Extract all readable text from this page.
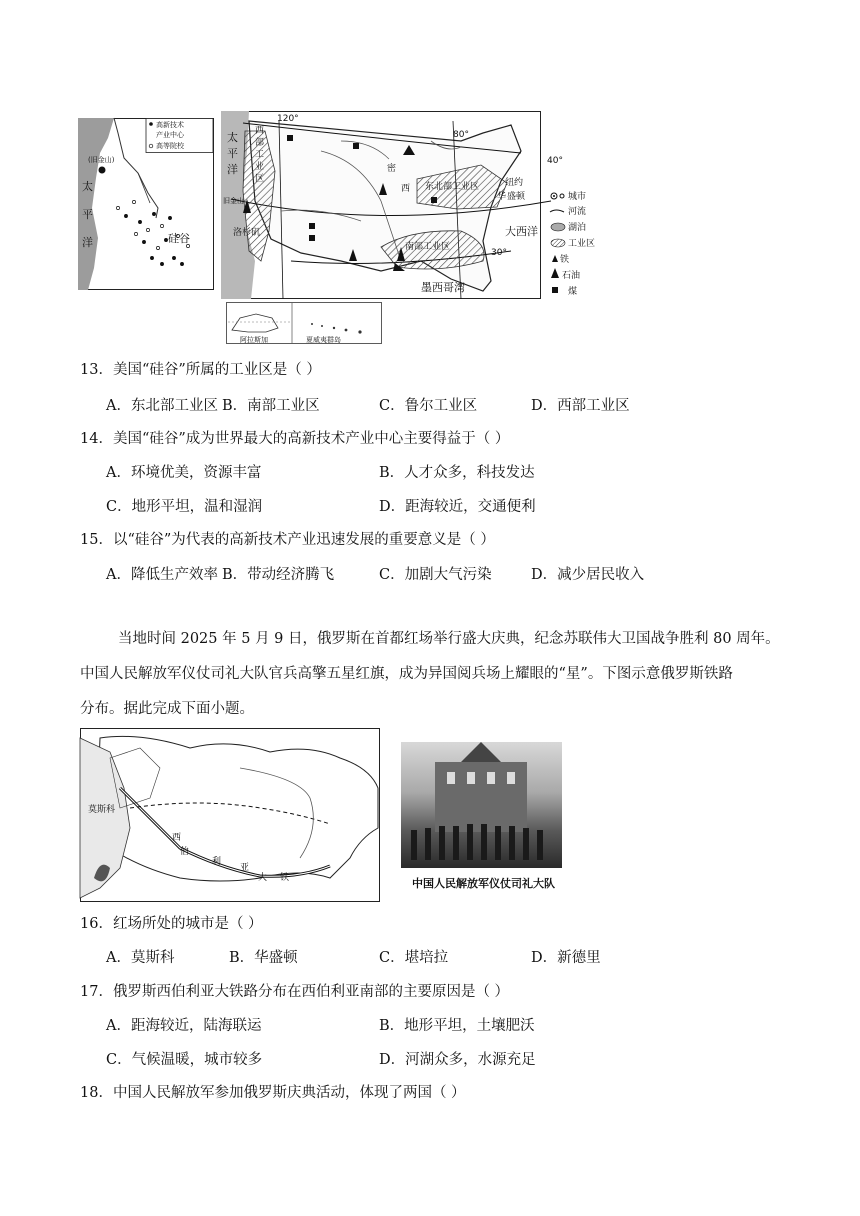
高新技术
产业中心
高等院校
(旧金山)
太
平
洋	硅谷
太
平
洋
西
部
工
业
区
120°
80°
40°
30°
旧金山
洛杉矶
密
西 东北部工业区	纽约
华 盛顿
南部工业区
大西洋
墨西哥湾
城市
河流
湖泊
工业区
铁
石油
煤
阿拉斯加	夏威夷群岛
13．美国“硅谷”所属的工业区是（ ）
A．东北部工业区 B．南部工业区	C．鲁尔工业区	D．西部工业区
14．美国“硅谷”成为世界最大的高新技术产业中心主要得益于（ ）
A．环境优美，资源丰富	B．人才众多，科技发达
C．地形平坦，温和湿润	D．距海较近，交通便利
15．以“硅谷”为代表的高新技术产业迅速发展的重要意义是（ ）
A．降低生产效率 B．带动经济腾飞	C．加剧大气污染	D．减少居民收入
当地时间 2025 年 5 月 9 日，俄罗斯在首都红场举行盛大庆典，纪念苏联伟大卫国战争胜利 80 周年。
中国人民解放军仪仗司礼大队官兵高擎五星红旗，成为异国阅兵场上耀眼的“星”。下图示意俄罗斯铁路
分布。据此完成下面小题。
莫斯科
西
伯
利
亚
大 铁	中国人民解放军仪仗司礼大队
16．红场所处的城市是（ ）
A．莫斯科	B．华盛顿	C．堪培拉	D．新德里
17．俄罗斯西伯利亚大铁路分布在西伯利亚南部的主要原因是（ ）
A．距海较近，陆海联运	B．地形平坦，土壤肥沃
C．气候温暖，城市较多	D．河湖众多，水源充足
18．中国人民解放军参加俄罗斯庆典活动，体现了两国（ ）
